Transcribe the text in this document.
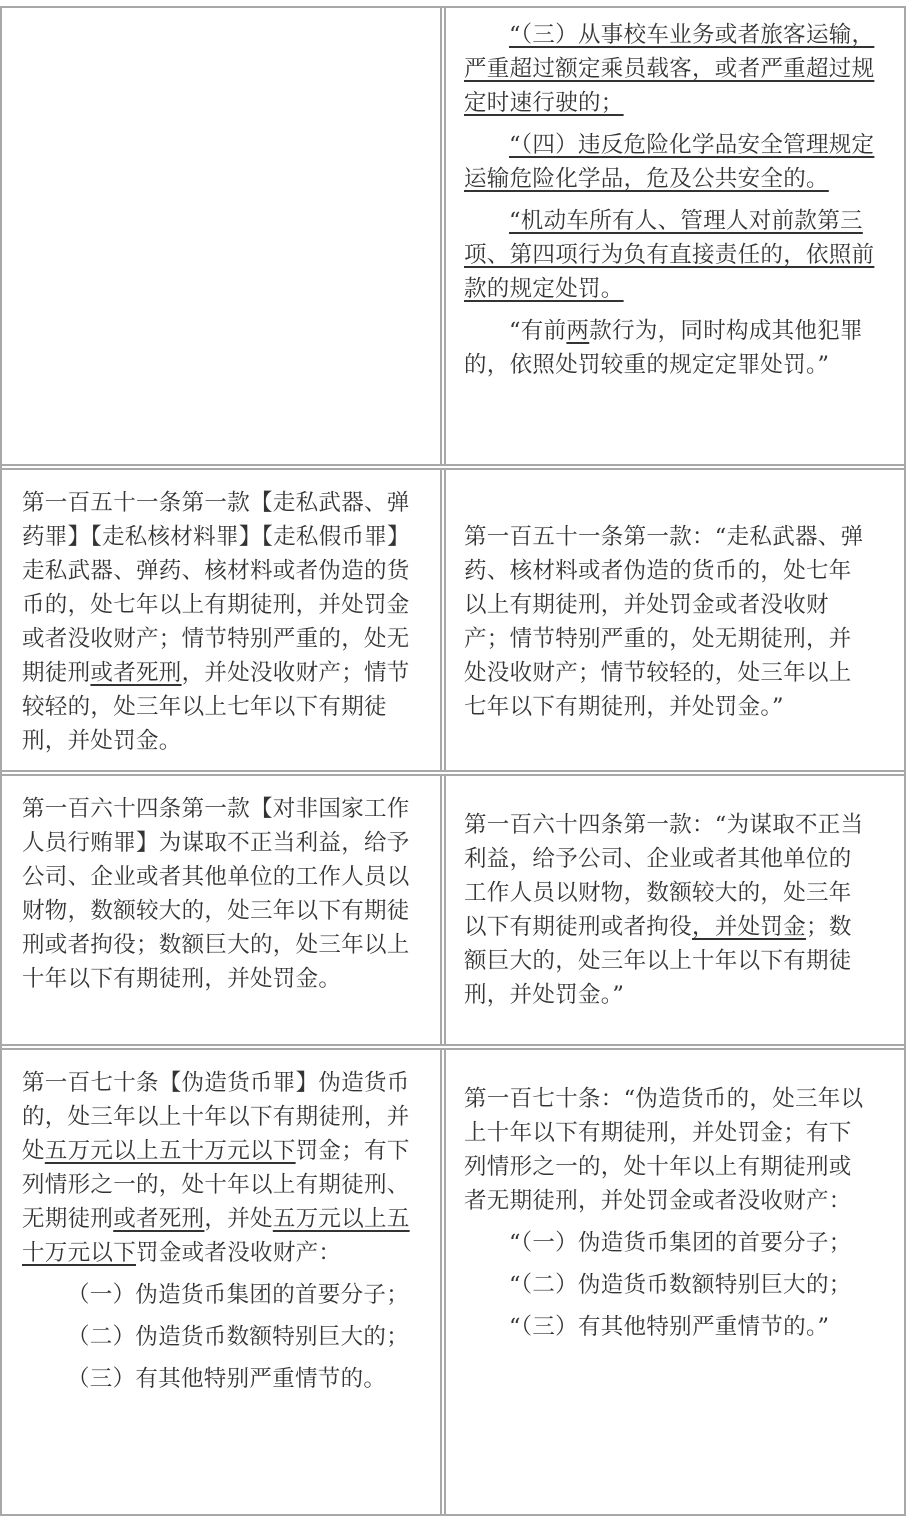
“（三）从事校车业务或者旅客运输，严重超过额定乘员载客，或者严重超过规定时速行驶的；

“（四）违反危险化学品安全管理规定运输危险化学品，危及公共安全的。

“机动车所有人、管理人对前款第三项、第四项行为负有直接责任的，依照前款的规定处罚。

“有前两款行为，同时构成其他犯罪的，依照处罚较重的规定定罪处罚。”

第一百五十一条第一款【走私武器、弹药罪】【走私核材料罪】【走私假币罪】走私武器、弹药、核材料或者伪造的货币的，处七年以上有期徒刑，并处罚金或者没收财产；情节特别严重的，处无期徒刑或者死刑，并处没收财产；情节较轻的，处三年以上七年以下有期徒刑，并处罚金。

第一百五十一条第一款：“走私武器、弹药、核材料或者伪造的货币的，处七年以上有期徒刑，并处罚金或者没收财产；情节特别严重的，处无期徒刑，并处没收财产；情节较轻的，处三年以上七年以下有期徒刑，并处罚金。”

第一百六十四条第一款【对非国家工作人员行贿罪】为谋取不正当利益，给予公司、企业或者其他单位的工作人员以财物，数额较大的，处三年以下有期徒刑或者拘役；数额巨大的，处三年以上十年以下有期徒刑，并处罚金。

第一百六十四条第一款：“为谋取不正当利益，给予公司、企业或者其他单位的工作人员以财物，数额较大的，处三年以下有期徒刑或者拘役，并处罚金；数额巨大的，处三年以上十年以下有期徒刑，并处罚金。”

第一百七十条【伪造货币罪】伪造货币的，处三年以上十年以下有期徒刑，并处五万元以上五十万元以下罚金；有下列情形之一的，处十年以上有期徒刑、无期徒刑或者死刑，并处五万元以上五十万元以下罚金或者没收财产：

（一）伪造货币集团的首要分子；

（二）伪造货币数额特别巨大的；

（三）有其他特别严重情节的。

第一百七十条：“伪造货币的，处三年以上十年以下有期徒刑，并处罚金；有下列情形之一的，处十年以上有期徒刑或者无期徒刑，并处罚金或者没收财产：

“（一）伪造货币集团的首要分子；

“（二）伪造货币数额特别巨大的；

“（三）有其他特别严重情节的。”
